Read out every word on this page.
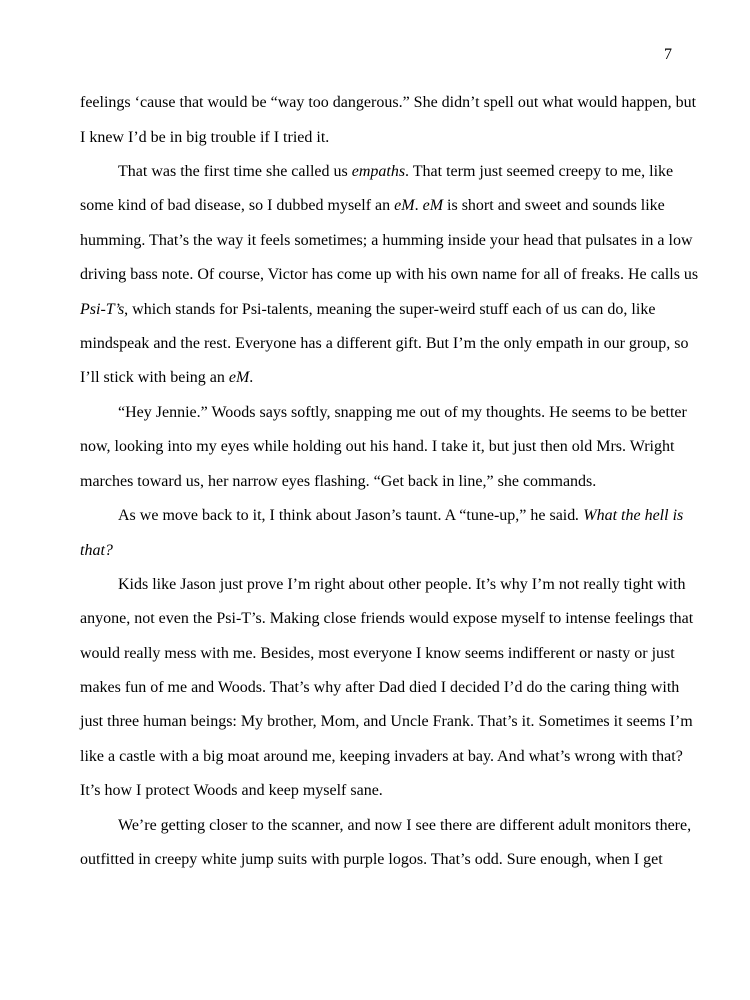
7
feelings ‘cause that would be “way too dangerous.” She didn’t spell out what would happen, but
I knew I’d be in big trouble if I tried it.
That was the first time she called us empaths. That term just seemed creepy to me, like
some kind of bad disease, so I dubbed myself an eM. eM is short and sweet and sounds like
humming. That’s the way it feels sometimes; a humming inside your head that pulsates in a low
driving bass note. Of course, Victor has come up with his own name for all of freaks. He calls us
Psi-T’s, which stands for Psi-talents, meaning the super-weird stuff each of us can do, like
mindspeak and the rest. Everyone has a different gift. But I’m the only empath in our group, so
I’ll stick with being an eM.
“Hey Jennie.” Woods says softly, snapping me out of my thoughts. He seems to be better
now, looking into my eyes while holding out his hand. I take it, but just then old Mrs. Wright
marches toward us, her narrow eyes flashing. “Get back in line,” she commands.
As we move back to it, I think about Jason’s taunt. A “tune-up,” he said. What the hell is
that?
Kids like Jason just prove I’m right about other people. It’s why I’m not really tight with
anyone, not even the Psi-T’s. Making close friends would expose myself to intense feelings that
would really mess with me. Besides, most everyone I know seems indifferent or nasty or just
makes fun of me and Woods. That’s why after Dad died I decided I’d do the caring thing with
just three human beings: My brother, Mom, and Uncle Frank. That’s it. Sometimes it seems I’m
like a castle with a big moat around me, keeping invaders at bay. And what’s wrong with that?
It’s how I protect Woods and keep myself sane.
We’re getting closer to the scanner, and now I see there are different adult monitors there,
outfitted in creepy white jump suits with purple logos. That’s odd. Sure enough, when I get
